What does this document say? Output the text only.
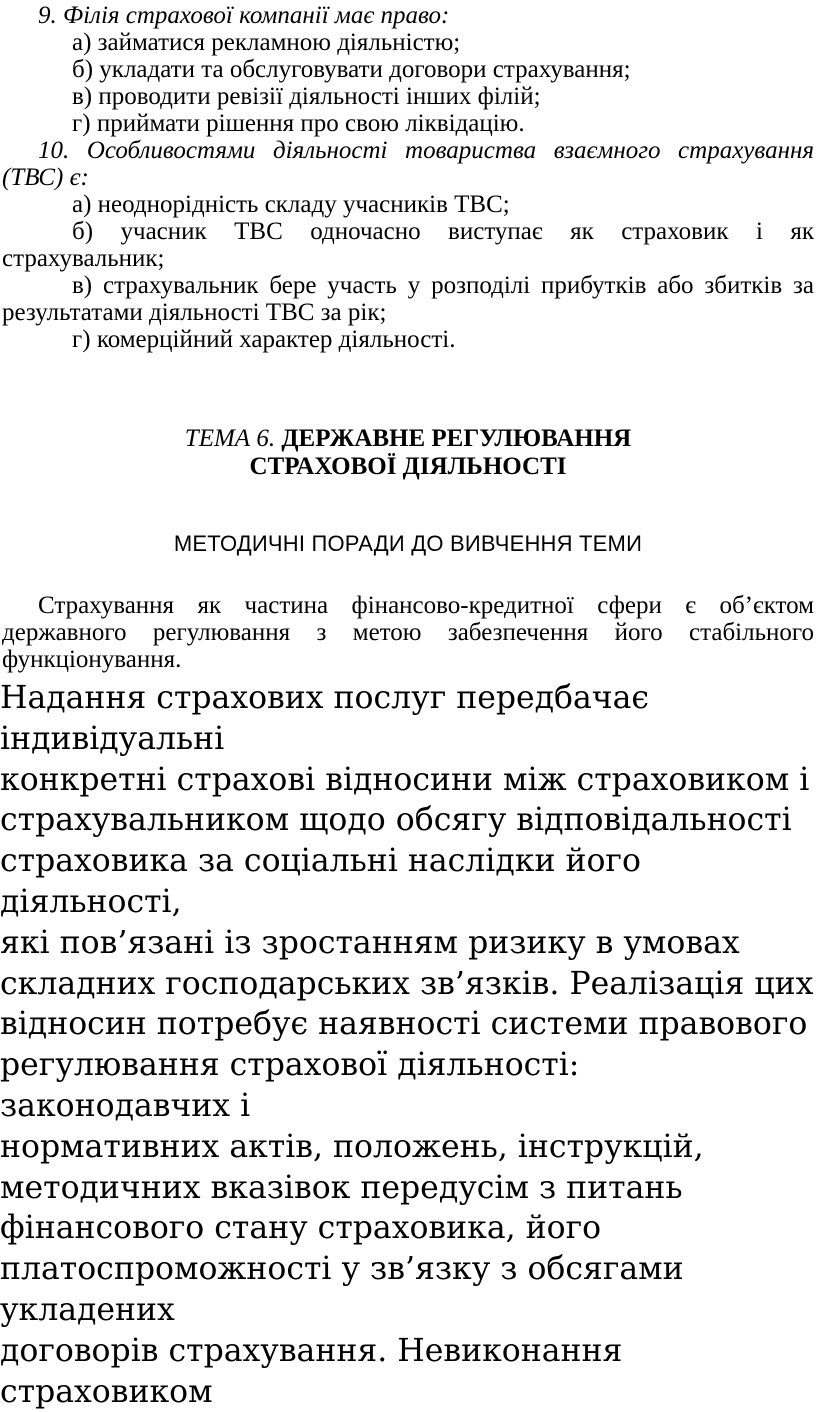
9. Філія страхової компанії має право:
а) займатися рекламною діяльністю;
б) укладати та обслуговувати договори страхування;
в) проводити ревізії діяльності інших філій;
г) приймати рішення про свою ліквідацію.
10. Особливостями діяльності товариства взаємного страхування
(ТВС) є:
а) неоднорідність складу учасників ТВС;
б) учасник ТВС одночасно виступає як страховик і як
страхувальник;
в) страхувальник бере участь у розподілі прибутків або збитків за
результатами діяльності ТВС за рік;
г) комерційний характер діяльності.
ТЕМА 6. ДЕРЖАВНЕ РЕГУЛЮВАННЯ
СТРАХОВОЇ ДІЯЛЬНОСТІ
МЕТОДИЧНІ ПОРАДИ ДО ВИВЧЕННЯ ТЕМИ
Страхування як частина фінансово-кредитної сфери є об’єктом
державного регулювання з метою забезпечення його стабільного
функціонування.
Надання страхових послуг передбачає індивідуальні
конкретні страхові відносини між страховиком і
страхувальником щодо обсягу відповідальності
страховика за соціальні наслідки його діяльності,
які пов’язані із зростанням ризику в умовах
складних господарських зв’язків. Реалізація цих
відносин потребує наявності системи правового
регулювання страхової діяльності: законодавчих і
нормативних актів, положень, інструкцій,
методичних вказівок передусім з питань
фінансового стану страховика, його
платоспроможності у зв’язку з обсягами укладених
договорів страхування. Невиконання страховиком
